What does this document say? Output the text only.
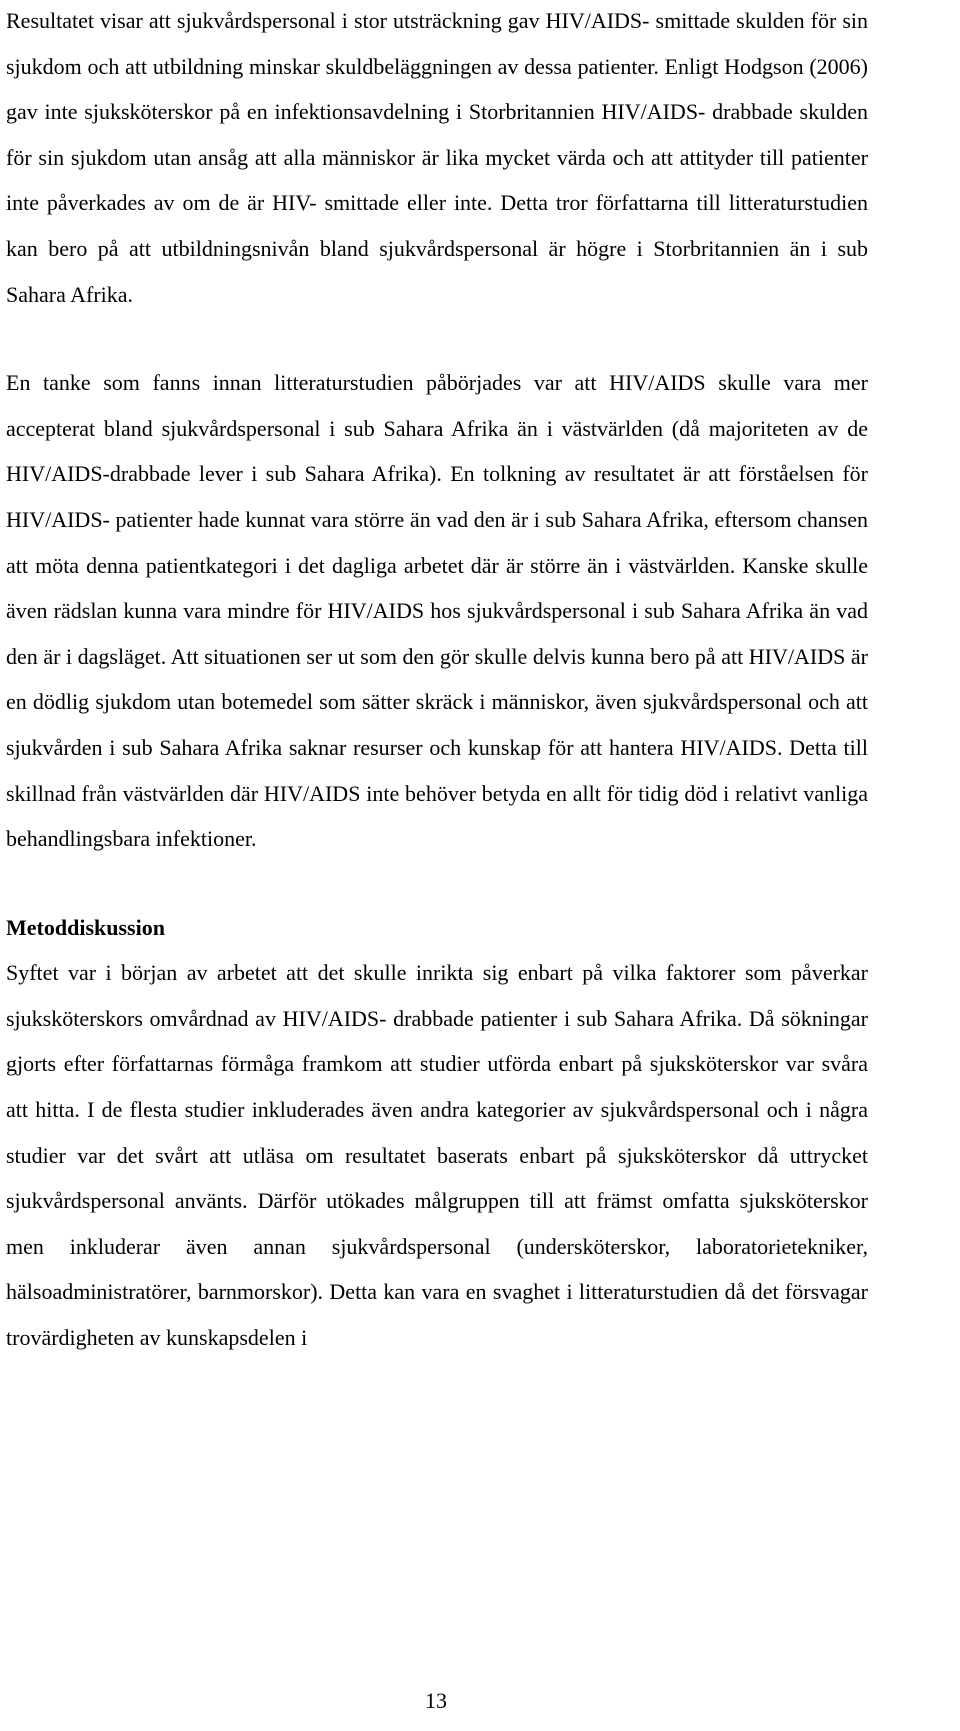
Resultatet visar att sjukvårdspersonal i stor utsträckning gav HIV/AIDS- smittade skulden för sin sjukdom och att utbildning minskar skuldbeläggningen av dessa patienter. Enligt Hodgson (2006) gav inte sjuksköterskor på en infektionsavdelning i Storbritannien HIV/AIDS- drabbade skulden för sin sjukdom utan ansåg att alla människor är lika mycket värda och att attityder till patienter inte påverkades av om de är HIV- smittade eller inte. Detta tror författarna till litteraturstudien kan bero på att utbildningsnivån bland sjukvårdspersonal är högre i Storbritannien än i sub Sahara Afrika.

En tanke som fanns innan litteraturstudien påbörjades var att HIV/AIDS skulle vara mer accepterat bland sjukvårdspersonal i sub Sahara Afrika än i västvärlden (då majoriteten av de HIV/AIDS-drabbade lever i sub Sahara Afrika). En tolkning av resultatet är att förståelsen för HIV/AIDS- patienter hade kunnat vara större än vad den är i sub Sahara Afrika, eftersom chansen att möta denna patientkategori i det dagliga arbetet där är större än i västvärlden. Kanske skulle även rädslan kunna vara mindre för HIV/AIDS hos sjukvårdspersonal i sub Sahara Afrika än vad den är i dagsläget. Att situationen ser ut som den gör skulle delvis kunna bero på att HIV/AIDS är en dödlig sjukdom utan botemedel som sätter skräck i människor, även sjukvårdspersonal och att sjukvården i sub Sahara Afrika saknar resurser och kunskap för att hantera HIV/AIDS. Detta till skillnad från västvärlden där HIV/AIDS inte behöver betyda en allt för tidig död i relativt vanliga behandlingsbara infektioner.

Metoddiskussion

Syftet var i början av arbetet att det skulle inrikta sig enbart på vilka faktorer som påverkar sjuksköterskors omvårdnad av HIV/AIDS- drabbade patienter i sub Sahara Afrika. Då sökningar gjorts efter författarnas förmåga framkom att studier utförda enbart på sjuksköterskor var svåra att hitta. I de flesta studier inkluderades även andra kategorier av sjukvårdspersonal och i några studier var det svårt att utläsa om resultatet baserats enbart på sjuksköterskor då uttrycket sjukvårdspersonal använts. Därför utökades målgruppen till att främst omfatta sjuksköterskor men inkluderar även annan sjukvårdspersonal (undersköterskor, laboratorietekniker, hälsoadministratörer, barnmorskor). Detta kan vara en svaghet i litteraturstudien då det försvagar trovärdigheten av kunskapsdelen i

13
